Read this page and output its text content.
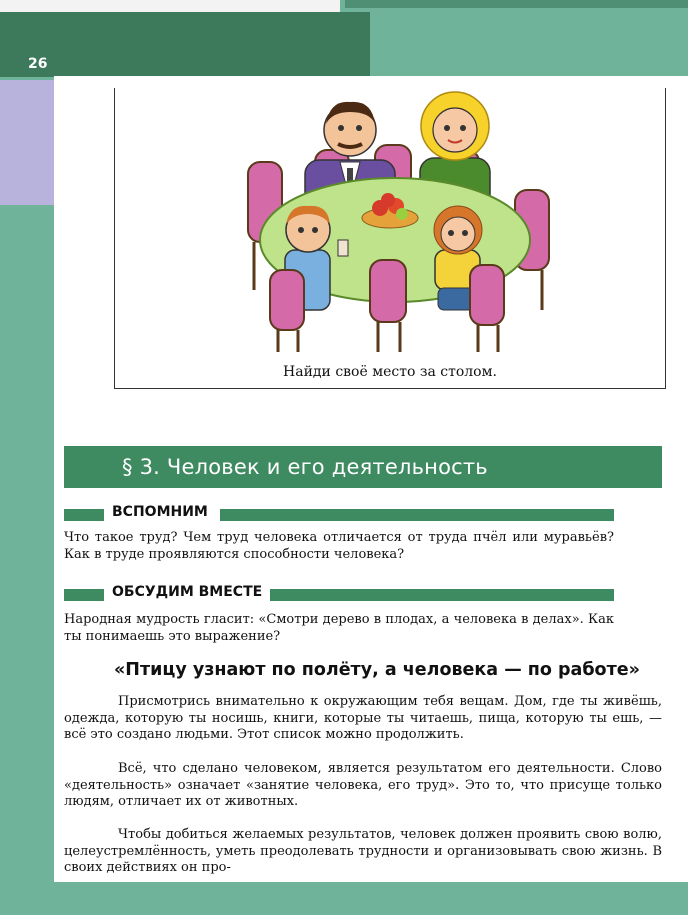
26
Найди своё место за столом.
§ 3. Человек и его деятельность
ВСПОМНИМ
Что такое труд? Чем труд человека отличается от труда пчёл или муравьёв? Как в труде проявляются способности человека?
ОБСУДИМ ВМЕСТЕ
Народная мудрость гласит: «Смотри дерево в плодах, а человека в делах». Как ты понимаешь это выражение?
«Птицу узнают по полёту, а человека — по работе»
Присмотрись внимательно к окружающим тебя вещам. Дом, где ты живёшь, одежда, которую ты носишь, книги, которые ты читаешь, пища, которую ты ешь, — всё это создано людьми. Этот список можно продолжить.
Всё, что сделано человеком, является результатом его деятельности. Слово «деятельность» означает «занятие человека, его труд». Это то, что присуще только людям, отличает их от животных.
Чтобы добиться желаемых результатов, человек должен проявить свою волю, целеустремлённость, уметь преодолевать трудности и организовывать свою жизнь. В своих действиях он про-
